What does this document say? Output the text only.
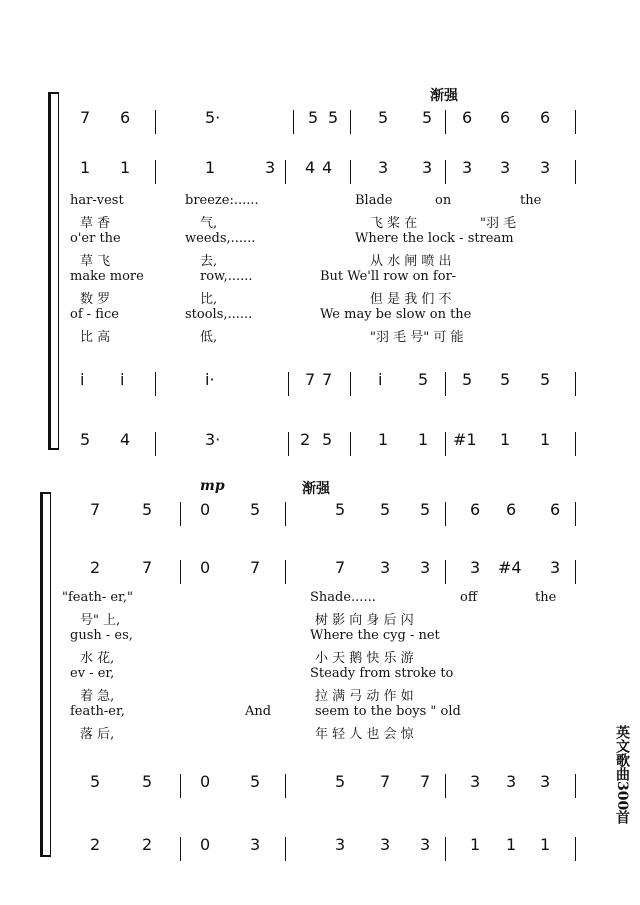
渐强
7 6	5·	5 5 5 5 6 6 6
1 1	1	3 4 4	3 3 3 3 3
har-vest	breeze:......	Blade	on	the
草 香	气,	飞 桨 在	"羽 毛
o'er the	weeds,......	Where the lock - stream
草 飞	去,	从 水 闸 喷 出
make more	row,......	But We'll row on for-
数 罗	比,	但 是 我 们 不
of - fice	stools,......	We may be slow on the
比 高	低,	"羽 毛 号" 可 能
i i	i·	7 7	i 5 5 5 5
5 4	3·	2 5	1 1 #1 1 1
mp	渐强
7	5	0 5	5 5 5 6 6 6
2	7	0 7	7 3 3 3 #4 3
"feath- er,"	Shade......	off	the
号" 上,	树 影 向 身 后 闪
gush - es,	Where the cyg - net
水 花,	小 天 鹅 快 乐 游
ev - er,	Steady from stroke to
着 急,	拉 满 弓 动 作 如
feath-er,	And	seem to the boys " old
落 后,	年 轻 人 也 会 惊
5	5	0 5	5 7 7 3 3 3
2	2	0 3	3 3 3 1 1 1
英文歌曲300首
